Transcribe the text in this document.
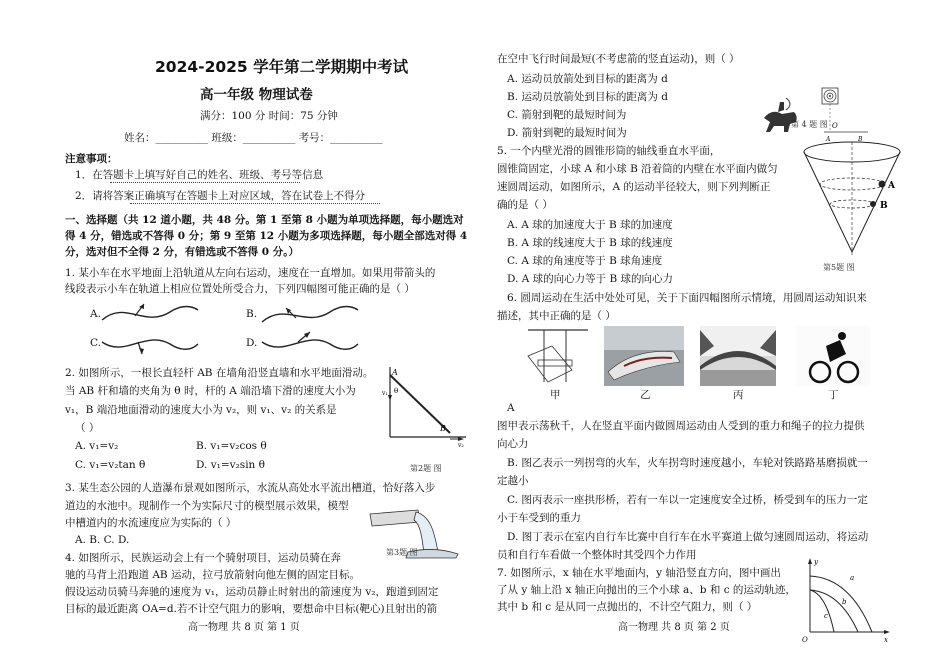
2024-2025 学年第二学期期中考试
高一年级 物理试卷
满分：100 分 时间：75 分钟
姓名：__________ 班级：__________ 考号：__________
注意事项：
1．在答题卡上填写好自己的姓名、班级、考号等信息
2．请将答案正确填写在答题卡上对应区域，答在试卷上不得分
一、选择题（共 12 道小题，共 48 分。第 1 至第 8 小题为单项选择题，每小题选对
得 4 分，错选或不答得 0 分；第 9 至第 12 小题为多项选择题，每小题全部选对得 4
分，选对但不全得 2 分，有错选或不答得 0 分。）
1. 某小车在水平地面上沿轨道从左向右运动，速度在一直增加。如果用带箭头的
线段表示小车在轨道上相应位置处所受合力，下列四幅图可能正确的是（ ）
A.	B.
C.	D.
2. 如图所示，一根长直轻杆 AB 在墙角沿竖直墙和水平地面滑动。
当 AB 杆和墙的夹角为 θ 时，杆的 A 端沿墙下滑的速度大小为
v₁，B 端沿地面滑动的速度大小为 v₂，则 v₁、v₂ 的关系是
（ ）
A. v₁=v₂	B. v₁=v₂cos θ
C. v₁=v₂tan θ	D. v₁=v₂sin θ
A
B
θ
v₁
v₂
第2题 图
3. 某生态公园的人造瀑布景观如图所示，水流从高处水平流出槽道，恰好落入步
道边的水池中。现制作一个为实际尺寸的模型展示效果，模型
中槽道内的水流速度应为实际的（ ）
A. B. C. D.
第3题 图
4. 如图所示，民族运动会上有一个骑射项目，运动员骑在奔
驰的马背上沿跑道 AB 运动，拉弓放箭射向他左侧的固定目标。
假设运动员骑马奔驰的速度为 v₁，运动员静止时射出的箭速度为 v₂，跑道到固定
目标的最近距离 OA=d.若不计空气阻力的影响，要想命中目标(靶心)且射出的箭
高一物理 共 8 页 第 1 页
在空中飞行时间最短(不考虑箭的竖直运动)，则（ ）
A. 运动员放箭处到目标的距离为 d
B. 运动员放箭处到目标的距离为 d
C. 箭射到靶的最短时间为
D. 箭射到靶的最短时间为
O
A	B
第 4 题 图
5. 一个内壁光滑的圆锥形筒的轴线垂直水平面，
圆锥筒固定，小球 A 和小球 B 沿着筒的内壁在水平面内做匀
速圆周运动，如图所示，A 的运动半径较大，则下列判断正
确的是（ ）
A. A 球的加速度大于 B 球的加速度
B. A 球的线速度大于 B 球的线速度
C. A 球的角速度等于 B 球角速度
D. A 球的向心力等于 B 球的向心力
A
B
第5题 图
6. 圆周运动在生活中处处可见，关于下面四幅图所示情境，用圆周运动知识来
描述，其中正确的是（ ）
甲	乙	丙	丁
A
图甲表示荡秋千，人在竖直平面内做圆周运动由人受到的重力和绳子的拉力提供
向心力
B. 图乙表示一列拐弯的火车，火车拐弯时速度越小，车轮对铁路路基磨损就一
定越小
C. 图丙表示一座拱形桥，若有一车以一定速度安全过桥，桥受到车的压力一定
小于车受到的重力
D. 图丁表示在室内自行车比赛中自行车在水平赛道上做匀速圆周运动，将运动
员和自行车看做一个整体时其受四个力作用
7. 如图所示，x 轴在水平地面内，y 轴沿竖直方向，图中画出
了从 y 轴上沿 x 轴正向抛出的三个小球 a、b 和 c 的运动轨迹，
其中 b 和 c 是从同一点抛出的，不计空气阻力，则（ ）
y
x
O
a
b
c
高一物理 共 8 页 第 2 页
